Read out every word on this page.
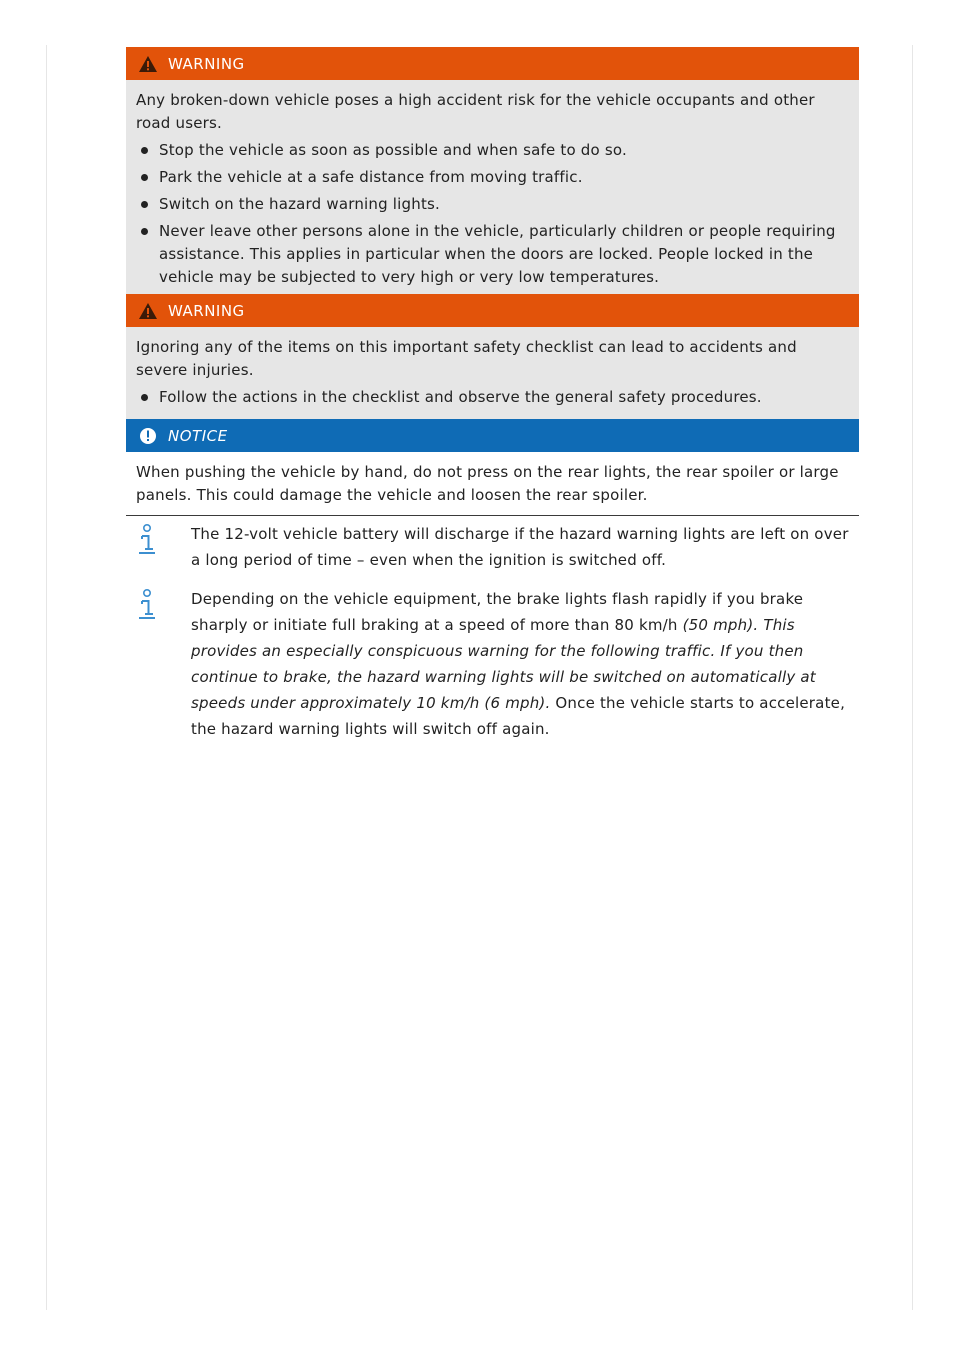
WARNING

Any broken-down vehicle poses a high accident risk for the vehicle occupants and other road users.

Stop the vehicle as soon as possible and when safe to do so.
Park the vehicle at a safe distance from moving traffic.
Switch on the hazard warning lights.
Never leave other persons alone in the vehicle, particularly children or people requiring assistance. This applies in particular when the doors are locked. People locked in the vehicle may be subjected to very high or very low temperatures.
WARNING

Ignoring any of the items on this important safety checklist can lead to accidents and severe injuries.

Follow the actions in the checklist and observe the general safety procedures.
NOTICE

When pushing the vehicle by hand, do not press on the rear lights, the rear spoiler or large panels. This could damage the vehicle and loosen the rear spoiler.

The 12-volt vehicle battery will discharge if the hazard warning lights are left on over a long period of time – even when the ignition is switched off.
Depending on the vehicle equipment, the brake lights flash rapidly if you brake sharply or initiate full braking at a speed of more than 80 km/h (50 mph). This provides an especially conspicuous warning for the following traffic. If you then continue to brake, the hazard warning lights will be switched on automatically at speeds under approximately 10 km/h (6 mph). Once the vehicle starts to accelerate, the hazard warning lights will switch off again.
